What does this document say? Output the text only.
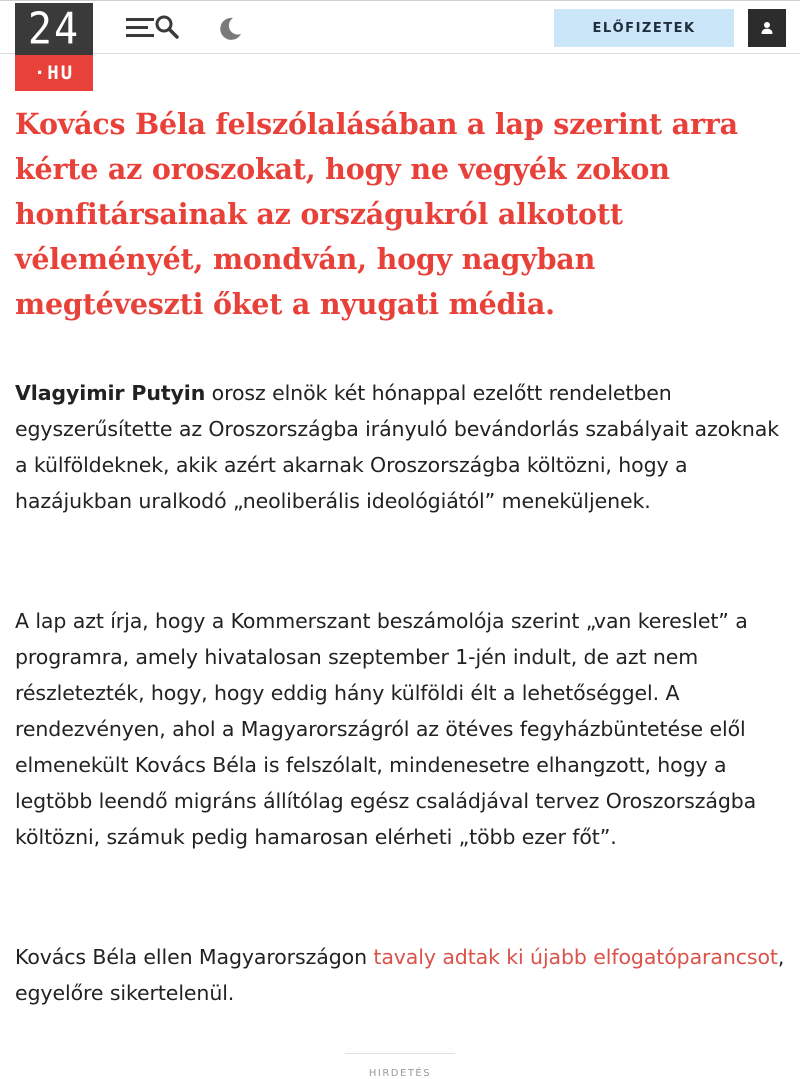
24
·HU
ELŐFIZETEK
Kovács Béla felszólalásában a lap szerint arra kérte az oroszokat, hogy ne vegyék zokon honfitársainak az országukról alkotott véleményét, mondván, hogy nagyban megtéveszti őket a nyugati média.

Vlagyimir Putyin orosz elnök két hónappal ezelőtt rendeletben egyszerűsítette az Oroszországba irányuló bevándorlás szabályait azoknak a külföldeknek, akik azért akarnak Oroszországba költözni, hogy a hazájukban uralkodó „neoliberális ideológiától” meneküljenek.

A lap azt írja, hogy a Kommerszant beszámolója szerint „van kereslet” a programra, amely hivatalosan szeptember 1-jén indult, de azt nem részletezték, hogy, hogy eddig hány külföldi élt a lehetőséggel. A rendezvényen, ahol a Magyarországról az ötéves fegyházbüntetése elől elmenekült Kovács Béla is felszólalt, mindenesetre elhangzott, hogy a legtöbb leendő migráns állítólag egész családjával tervez Oroszországba költözni, számuk pedig hamarosan elérheti „több ezer főt”.

Kovács Béla ellen Magyarországon tavaly adtak ki újabb elfogatóparancsot, egyelőre sikertelenül.

HIRDETÉS
